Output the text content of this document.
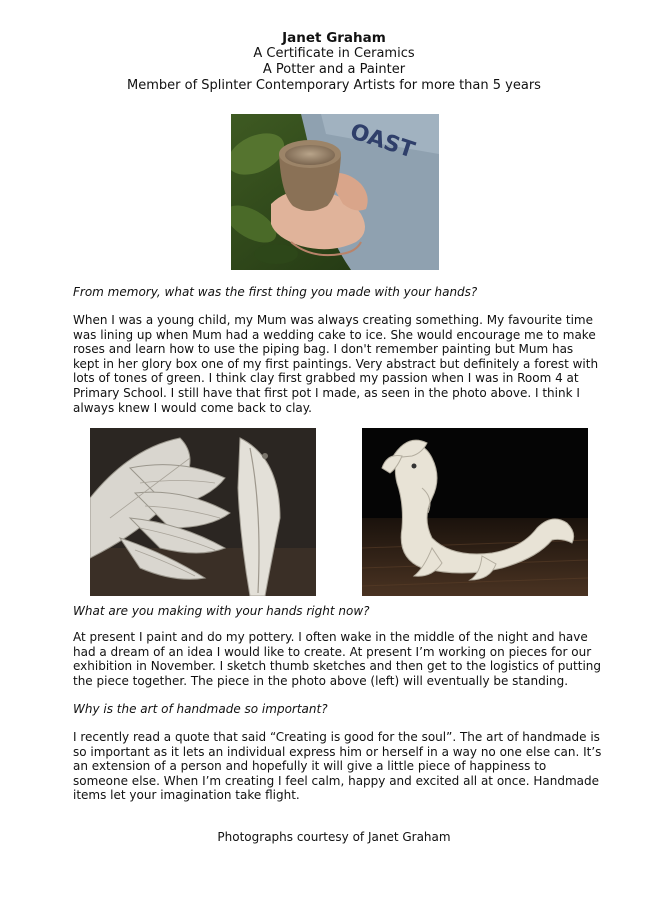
Janet Graham
A Certificate in Ceramics
A Potter and a Painter
Member of Splinter Contemporary Artists for more than 5 years
OAST
From memory, what was the first thing you made with your hands?
When I was a young child, my Mum was always creating something. My favourite time was lining up when Mum had a wedding cake to ice. She would encourage me to make roses and learn how to use the piping bag. I don't remember painting but Mum has kept in her glory box one of my first paintings. Very abstract but definitely a forest with lots of tones of green. I think clay first grabbed my passion when I was in Room 4 at Primary School. I still have that first pot I made, as seen in the photo above. I think I always knew I would come back to clay.
What are you making with your hands right now?
At present I paint and do my pottery. I often wake in the middle of the night and have had a dream of an idea I would like to create. At present I’m working on pieces for our exhibition in November. I sketch thumb sketches and then get to the logistics of putting the piece together. The piece in the photo above (left) will eventually be standing.
Why is the art of handmade so important?
I recently read a quote that said “Creating is good for the soul”. The art of handmade is so important as it lets an individual express him or herself in a way no one else can. It’s an extension of a person and hopefully it will give a little piece of happiness to someone else. When I’m creating I feel calm, happy and excited all at once. Handmade items let your imagination take flight.
Photographs courtesy of Janet Graham
